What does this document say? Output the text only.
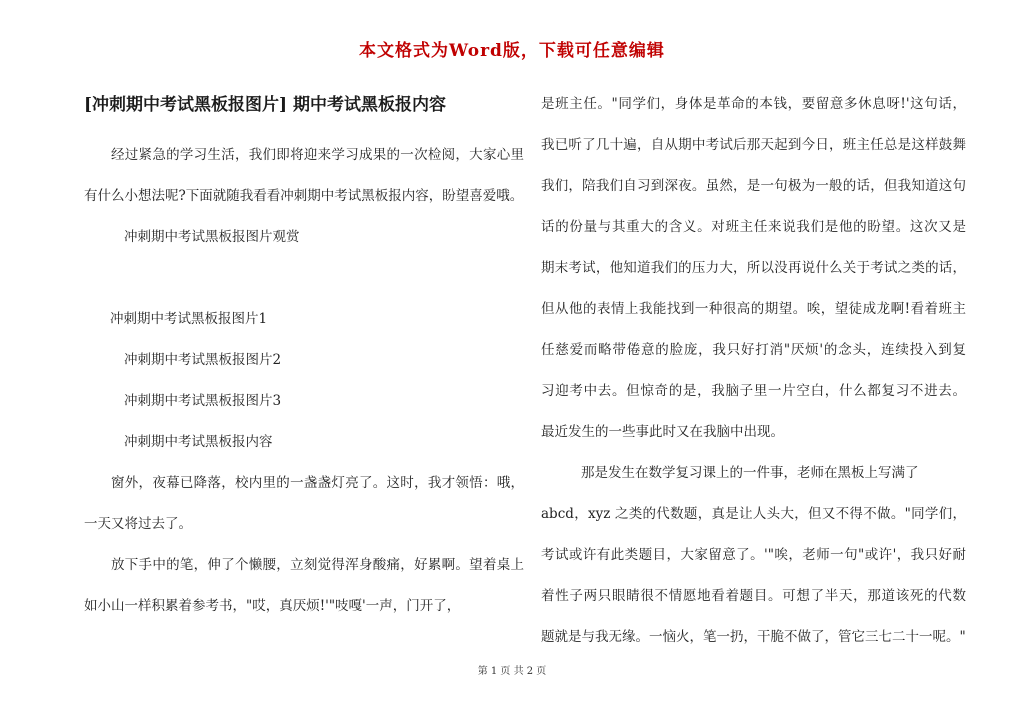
本文格式为Word版，下载可任意编辑
[冲刺期中考试黑板报图片] 期中考试黑板报内容

经过紧急的学习生活，我们即将迎来学习成果的一次检阅，大家心里有什么小想法呢?下面就随我看看冲刺期中考试黑板报内容，盼望喜爱哦。

冲刺期中考试黑板报图片观赏

冲刺期中考试黑板报图片1

冲刺期中考试黑板报图片2

冲刺期中考试黑板报图片3

冲刺期中考试黑板报内容

窗外，夜幕已降落，校内里的一盏盏灯亮了。这时，我才领悟：哦，一天又将过去了。

放下手中的笔，伸了个懒腰，立刻觉得浑身酸痛，好累啊。望着桌上如小山一样积累着参考书，"哎，真厌烦!'"吱嘎'一声，门开了，

是班主任。"同学们，身体是革命的本钱，要留意多休息呀!'这句话，

我已听了几十遍，自从期中考试后那天起到今日，班主任总是这样鼓舞

我们，陪我们自习到深夜。虽然，是一句极为一般的话，但我知道这句

话的份量与其重大的含义。对班主任来说我们是他的盼望。这次又是

期末考试，他知道我们的压力大，所以没再说什么关于考试之类的话，

但从他的表情上我能找到一种很高的期望。唉，望徒成龙啊!看着班主

任慈爱而略带倦意的脸庞，我只好打消"厌烦'的念头，连续投入到复

习迎考中去。但惊奇的是，我脑子里一片空白，什么都复习不进去。

最近发生的一些事此时又在我脑中出现。

那是发生在数学复习课上的一件事，老师在黑板上写满了

abcd，xyz 之类的代数题，真是让人头大，但又不得不做。"同学们，

考试或许有此类题目，大家留意了。'"唉，老师一句"或许'，我只好耐

着性子两只眼睛很不情愿地看着题目。可想了半天，那道该死的代数

题就是与我无缘。一恼火，笔一扔，干脆不做了，管它三七二十一呢。"

第 1 页 共 2 页
